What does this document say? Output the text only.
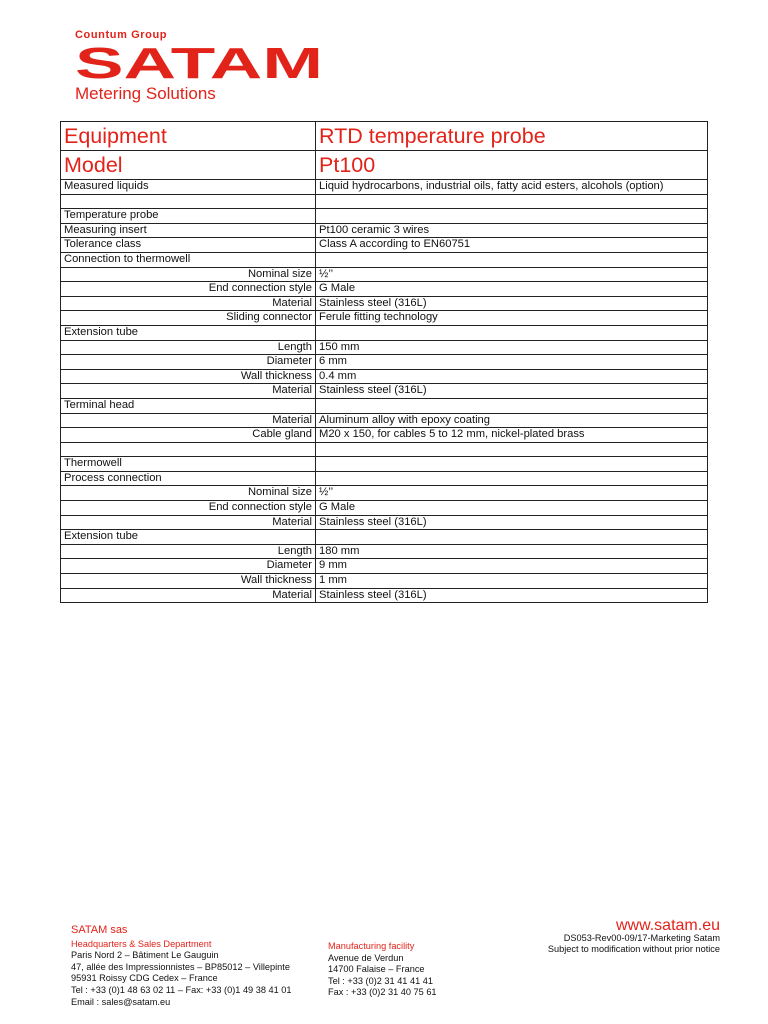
Countum Group
SATAM
Metering Solutions
Equipment	RTD temperature probe
Model	Pt100
Measured liquids	Liquid hydrocarbons, industrial oils, fatty acid esters, alcohols (option)

Temperature probe	
Measuring insert	Pt100 ceramic 3 wires
Tolerance class	Class A according to EN60751
Connection to thermowell	
Nominal size	½’’
End connection style	G Male
Material	Stainless steel (316L)
Sliding connector	Ferule fitting technology
Extension tube	
Length	150 mm
Diameter	6 mm
Wall thickness	0.4 mm
Material	Stainless steel (316L)
Terminal head	
Material	Aluminum alloy with epoxy coating
Cable gland	M20 x 150, for cables 5 to 12 mm, nickel-plated brass

Thermowell	
Process connection	
Nominal size	½’’
End connection style	G Male
Material	Stainless steel (316L)
Extension tube	
Length	180 mm
Diameter	9 mm
Wall thickness	1 mm
Material	Stainless steel (316L)
SATAM sas
Headquarters & Sales Department
Paris Nord 2 – Bâtiment Le Gauguin
47, allée des Impressionnistes – BP85012 – Villepinte
95931 Roissy CDG Cedex – France
Tel : +33 (0)1 48 63 02 11 – Fax: +33 (0)1 49 38 41 01
Email : sales@satam.eu
Manufacturing facility
Avenue de Verdun
14700 Falaise – France
Tel : +33 (0)2 31 41 41 41
Fax : +33 (0)2 31 40 75 61
www.satam.eu
DS053-Rev00-09/17-Marketing Satam
Subject to modification without prior notice
